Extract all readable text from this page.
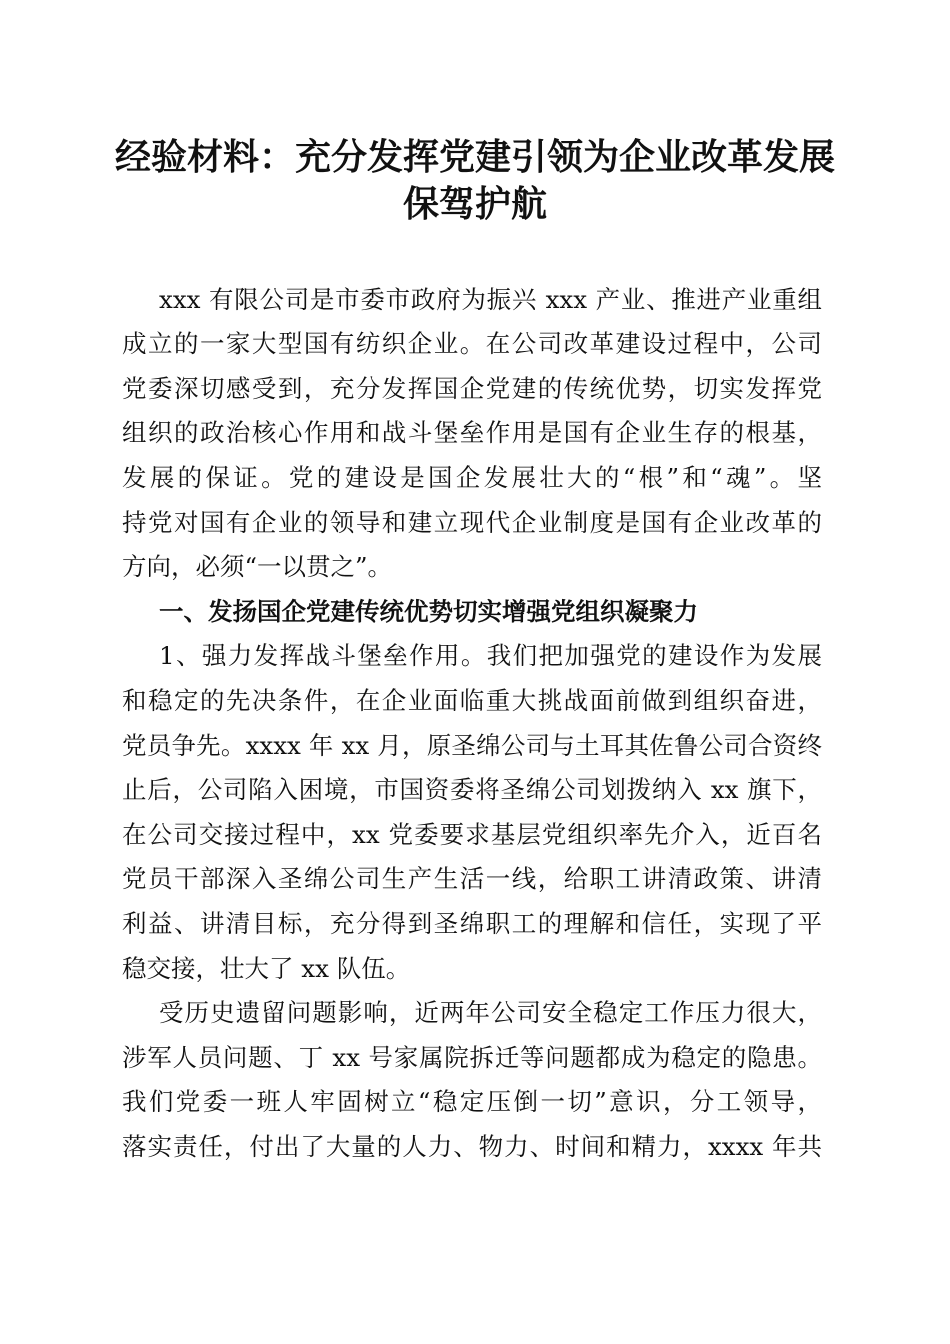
经验材料：充分发挥党建引领为企业改革发展
保驾护航
xxx 有限公司是市委市政府为振兴 xxx 产业、推进产业重组
成立的一家大型国有纺织企业。在公司改革建设过程中，公司
党委深切感受到，充分发挥国企党建的传统优势，切实发挥党
组织的政治核心作用和战斗堡垒作用是国有企业生存的根基，
发展的保证。党的建设是国企发展壮大的“根”和“魂”。坚
持党对国有企业的领导和建立现代企业制度是国有企业改革的
方向，必须“一以贯之”。
一、发扬国企党建传统优势切实增强党组织凝聚力
1、强力发挥战斗堡垒作用。我们把加强党的建设作为发展
和稳定的先决条件，在企业面临重大挑战面前做到组织奋进，
党员争先。xxxx 年 xx 月，原圣绵公司与土耳其佐鲁公司合资终
止后，公司陷入困境，市国资委将圣绵公司划拨纳入 xx 旗下，
在公司交接过程中，xx 党委要求基层党组织率先介入，近百名
党员干部深入圣绵公司生产生活一线，给职工讲清政策、讲清
利益、讲清目标，充分得到圣绵职工的理解和信任，实现了平
稳交接，壮大了 xx 队伍。
受历史遗留问题影响，近两年公司安全稳定工作压力很大，
涉军人员问题、丁 xx 号家属院拆迁等问题都成为稳定的隐患。
我们党委一班人牢固树立“稳定压倒一切”意识，分工领导，
落实责任，付出了大量的人力、物力、时间和精力，xxxx 年共
